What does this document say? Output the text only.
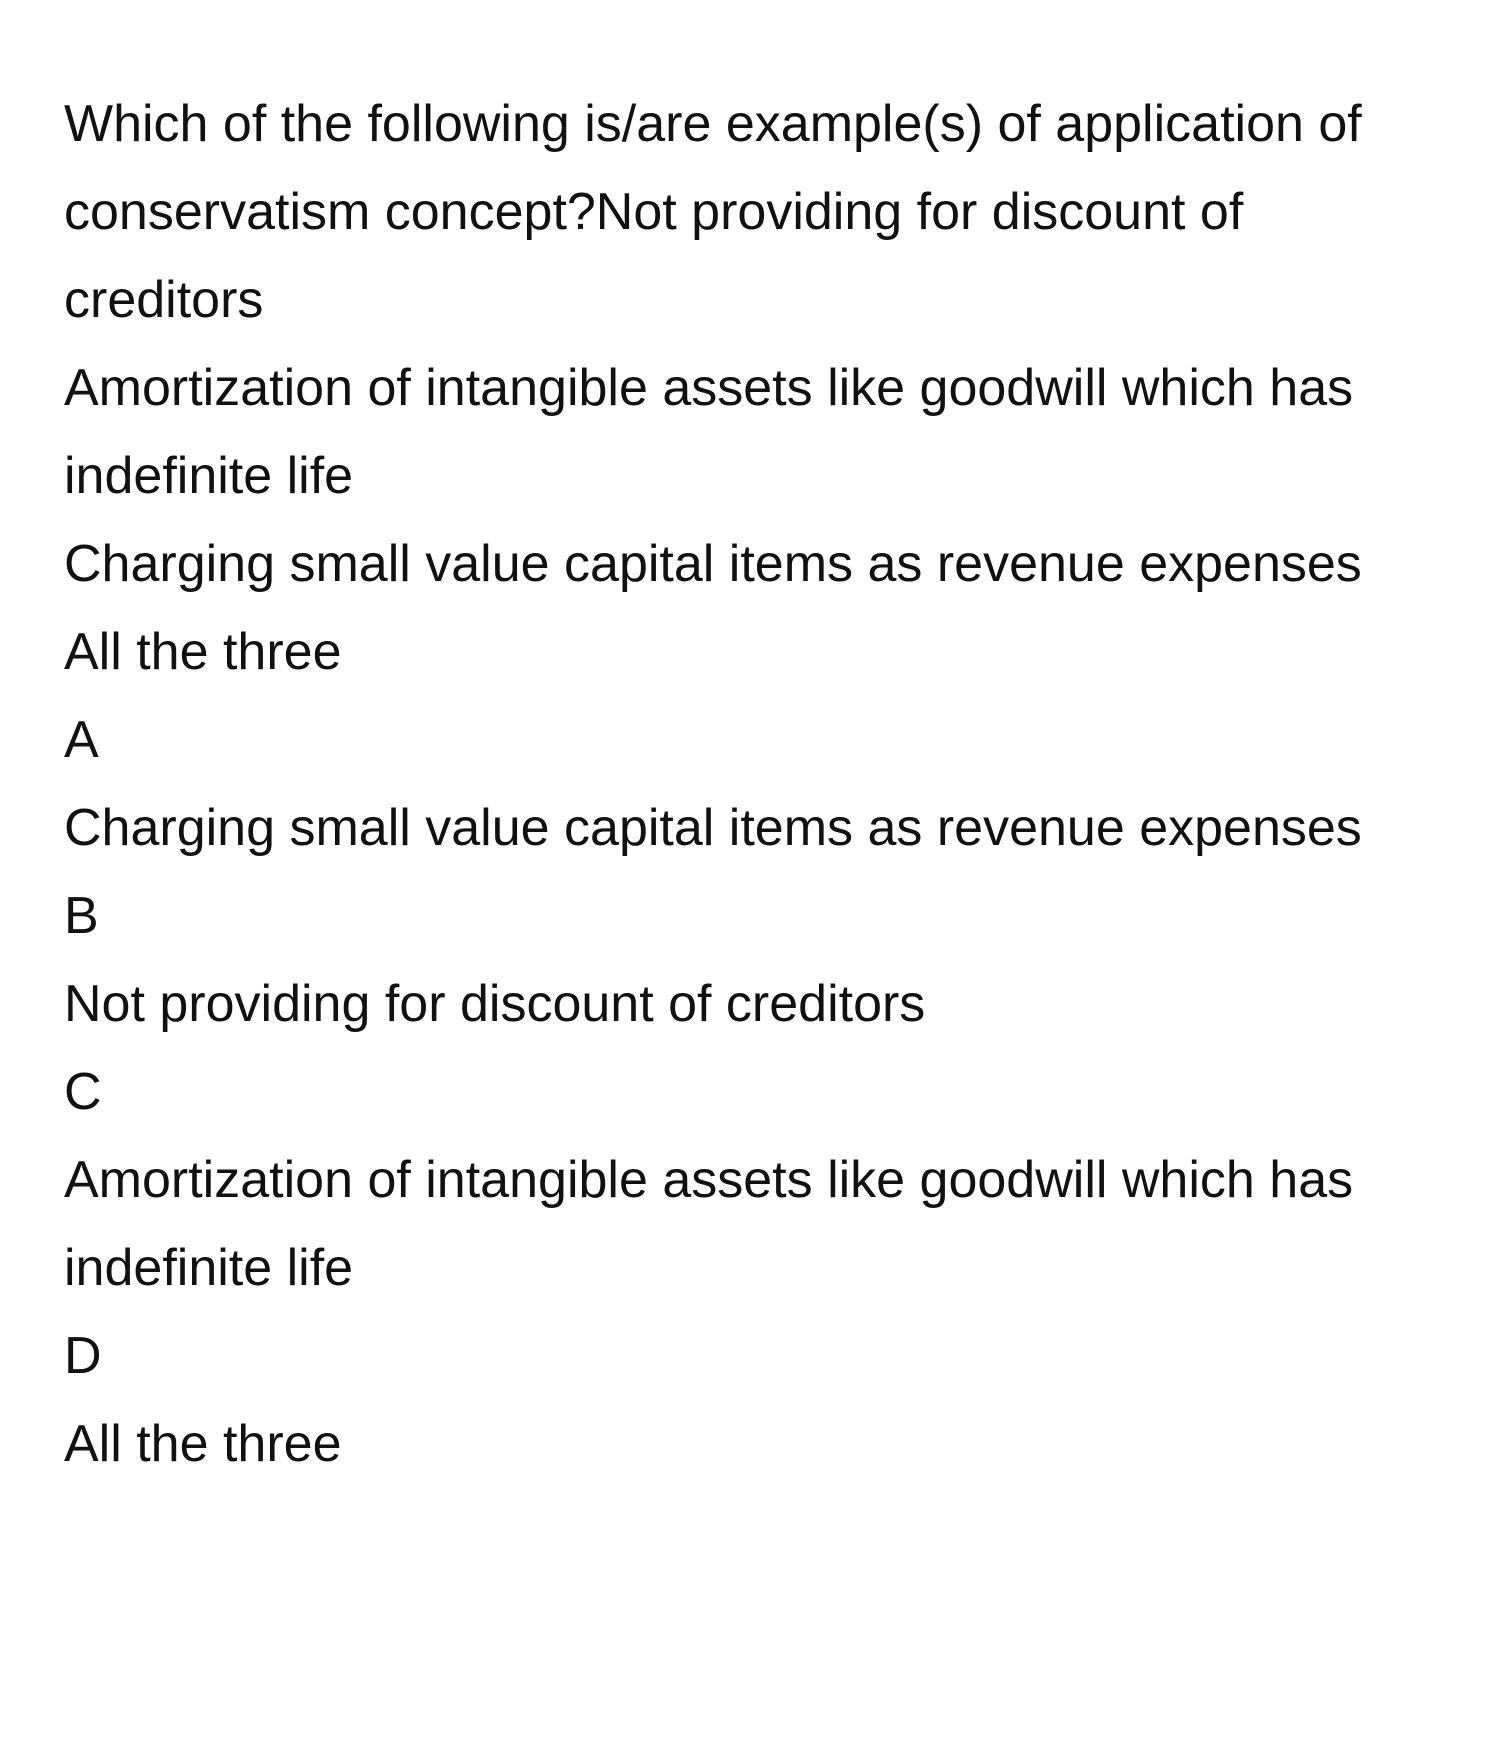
Which of the following is/are example(s) of application of conservatism concept?Not providing for discount of creditors
Amortization of intangible assets like goodwill which has indefinite life
Charging small value capital items as revenue expenses
All the three
A
Charging small value capital items as revenue expenses
B
Not providing for discount of creditors
C
Amortization of intangible assets like goodwill which has indefinite life
D
All the three
